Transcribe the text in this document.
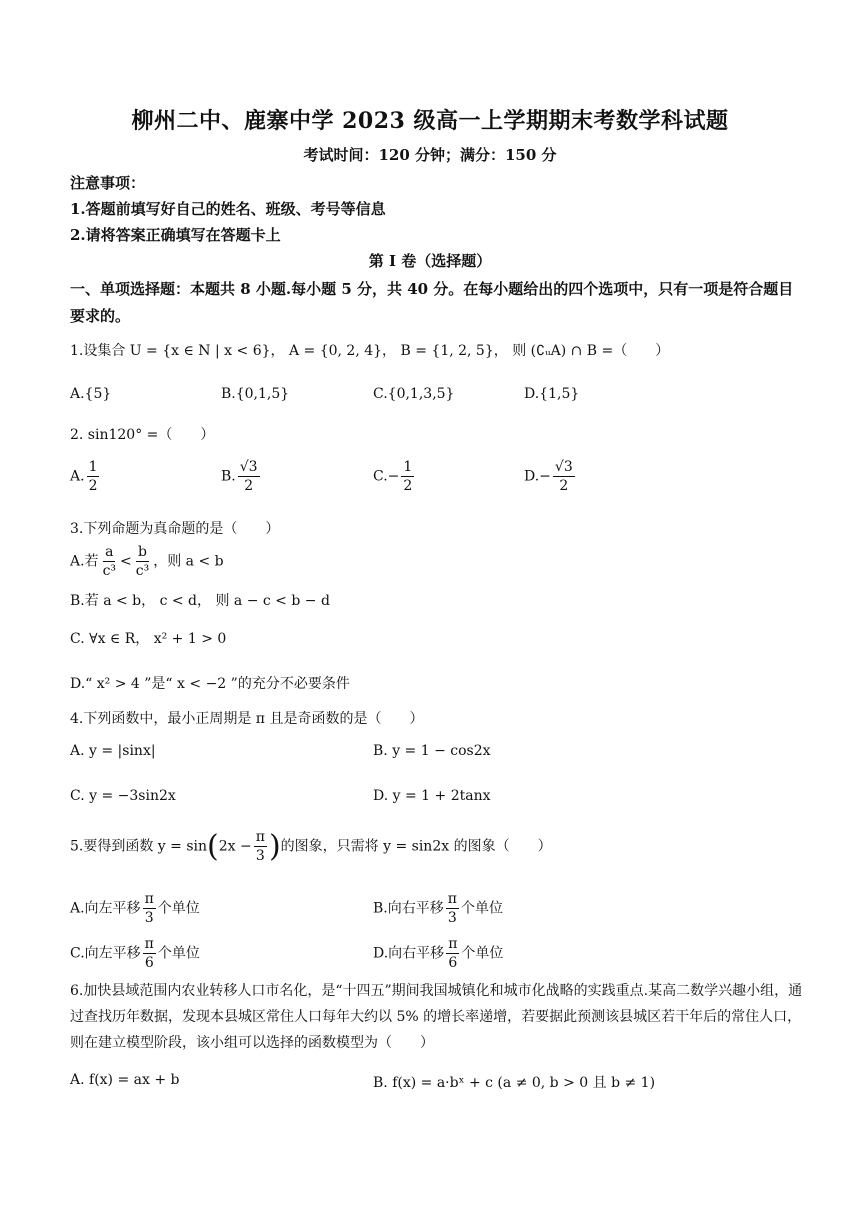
柳州二中、鹿寨中学 2023 级高一上学期期末考数学科试题
考试时间：120 分钟；满分：150 分
注意事项：
1.答题前填写好自己的姓名、班级、考号等信息
2.请将答案正确填写在答题卡上
第 I 卷（选择题）
一、单项选择题：本题共 8 小题.每小题 5 分，共 40 分。在每小题给出的四个选项中，只有一项是符合题目要求的。
1.设集合 U = {x ∈ N | x < 6}， A = {0, 2, 4}， B = {1, 2, 5}， 则 (∁ᵤA) ∩ B =（　　）
A.{5}	B.{0,1,5}	C.{0,1,3,5}	D.{1,5}
2. sin120° =（　　）
A. $\frac{1}{2}$	B. $\frac{√3}{2}$	$C.- \frac{1}{2}$	$D.- \frac{√3}{2}$
3.下列命题为真命题的是（　　）
A.若 $\frac{a}{\text{c³}} < \frac{b}{\text{c³}}$ ，则 a < b
B.若 a < b， c < d， 则 a − c < b − d
C. ∀x ∈ R， x² + 1 > 0
D.“ x² > 4 ”是“ x < −2 ”的充分不必要条件
4.下列函数中，最小正周期是 π 且是奇函数的是（　　）
A. y = |sinx|	B. y = 1 − cos2x
C. y = −3sin2x	D. y = 1 + 2tanx
5.要得到函数 $y = \sin(2x - \frac{\pi}{3}$ )的图象，只需将 y = sin2x 的图象（　　）
A.向左平移 $\frac{\pi}{3}$ 个单位	B.向右平移 $\frac{\pi}{3}$ 个单位
C.向左平移 $\frac{\pi}{6}$ 个单位	D.向右平移 $\frac{\pi}{6}$ 个单位
6.加快县域范围内农业转移人口市名化，是“十四五”期间我国城镇化和城市化战略的实践重点.某高二数学兴趣小组，通过查找历年数据，发现本县城区常住人口每年大约以 5% 的增长率递增，若要据此预测该县城区若干年后的常住人口，则在建立模型阶段，该小组可以选择的函数模型为（　　）
A. f(x) = ax + b	B. f(x) = a·bˣ + c (a ≠ 0, b > 0 且 b ≠ 1)
